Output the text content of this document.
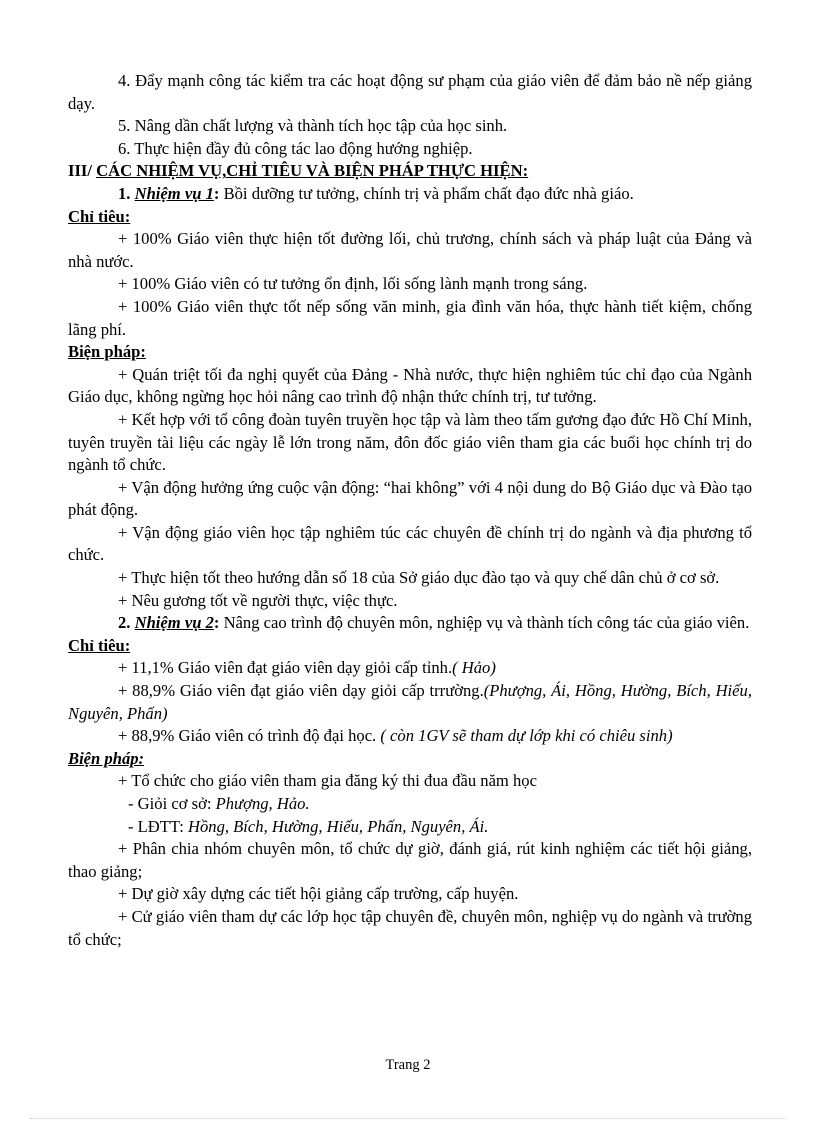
4. Đẩy mạnh công tác kiểm tra các hoạt động sư phạm của giáo viên để đảm bảo nề nếp giảng dạy.

5. Nâng dần chất lượng và thành tích học tập của học sinh.

6. Thực hiện đầy đủ công tác lao động hướng nghiệp.

III/ CÁC NHIỆM VỤ,CHỈ TIÊU VÀ BIỆN PHÁP THỰC HIỆN:

1. Nhiệm vụ 1: Bồi dưỡng tư tưởng, chính trị và phẩm chất đạo đức nhà giáo.

Chỉ tiêu:

+ 100% Giáo viên thực hiện tốt đường lối, chủ trương, chính sách và pháp luật của Đảng và nhà nước.

+ 100% Giáo viên có tư tưởng ổn định, lối sống lành mạnh trong sáng.

+ 100% Giáo viên thực tốt nếp sống văn minh, gia đình văn hóa, thực hành tiết kiệm, chống lãng phí.

Biện pháp:

+ Quán triệt tối đa nghị quyết của Đảng - Nhà nước, thực hiện nghiêm túc chỉ đạo của Ngành Giáo dục, không ngừng học hỏi nâng cao trình độ nhận thức chính trị, tư tưởng.

+ Kết hợp với tổ công đoàn tuyên truyền học tập và làm theo tấm gương đạo đức Hồ Chí Minh, tuyên truyền tài liệu các ngày lễ lớn trong năm, đôn đốc giáo viên tham gia các buổi học chính trị do ngành tổ chức.

+ Vận động hưởng ứng cuộc vận động: “hai không” với 4 nội dung do Bộ Giáo dục và Đào tạo phát động.

+ Vận động giáo viên học tập nghiêm túc các chuyên đề chính trị do ngành và địa phương tổ chức.

+ Thực hiện tốt theo hướng dẫn số 18 của Sở giáo dục đào tạo và quy chế dân chủ ở cơ sở.

+ Nêu gương tốt về người thực, việc thực.

2. Nhiệm vụ 2: Nâng cao trình độ chuyên môn, nghiệp vụ và thành tích công tác của giáo viên.

Chỉ tiêu:

+ 11,1% Giáo viên đạt giáo viên dạy giỏi cấp tỉnh.( Hảo)

+ 88,9% Giáo viên đạt giáo viên dạy giỏi cấp trrường.(Phượng, Ái, Hồng, Hường, Bích, Hiếu, Nguyên, Phấn)

+ 88,9% Giáo viên có trình độ đại học. ( còn 1GV sẽ tham dự lớp khi có chiêu sinh)

Biện pháp:

+ Tổ chức cho giáo viên tham gia đăng ký thi đua đầu năm học

- Giỏi cơ sở: Phượng, Hảo.

- LĐTT: Hồng, Bích, Hường, Hiếu, Phấn, Nguyên, Ái.

+ Phân chia nhóm chuyên môn, tổ chức dự giờ, đánh giá, rút kinh nghiệm các tiết hội giảng, thao giảng;

+ Dự giờ xây dựng các tiết hội giảng cấp trường, cấp huyện.

+ Cử giáo viên tham dự các lớp học tập chuyên đề, chuyên môn, nghiệp vụ do ngành và trường tổ chức;

Trang 2
